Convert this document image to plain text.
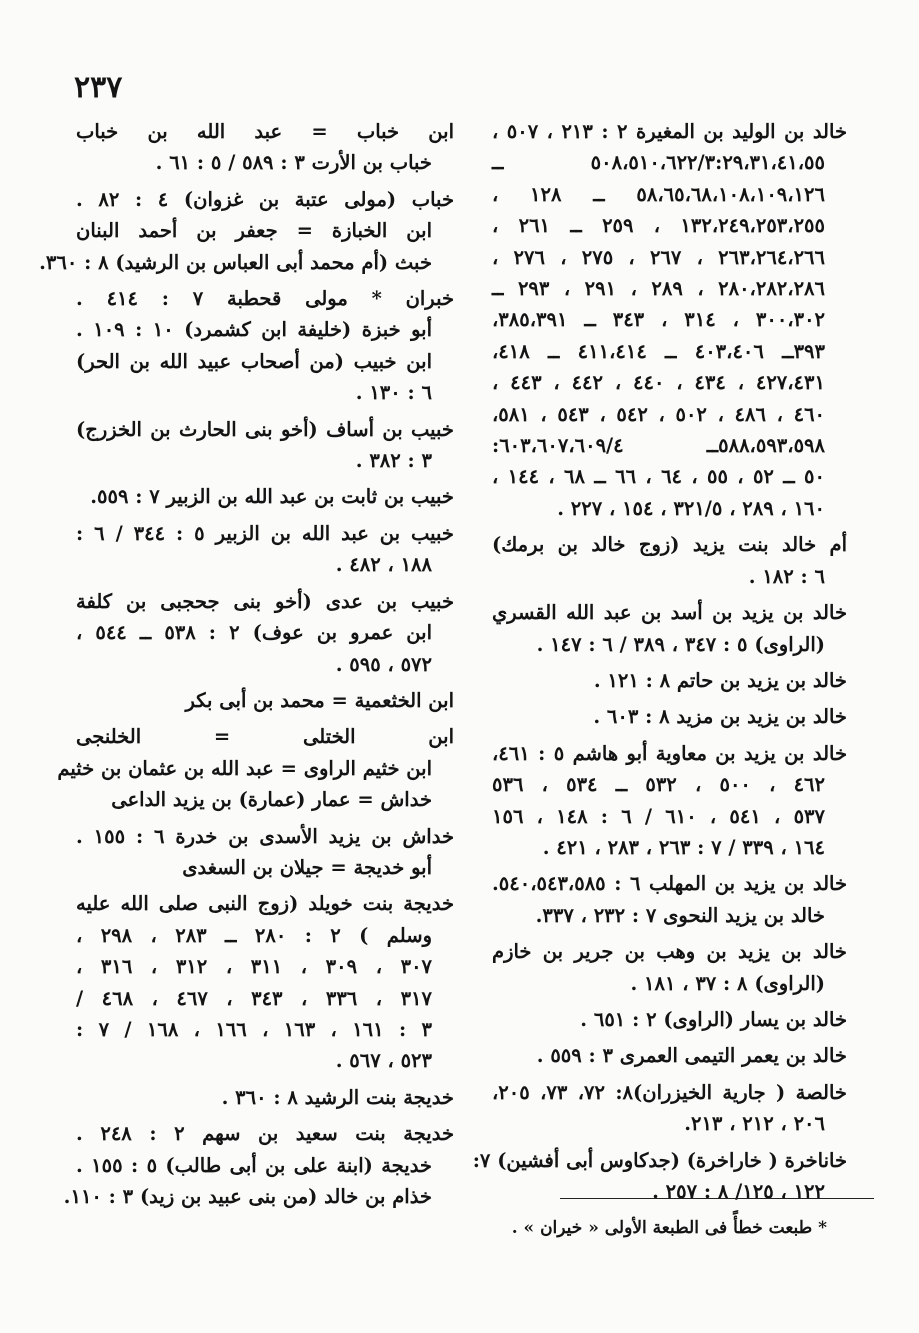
٢٣٧
خالد بن الوليد بن المغيرة ٢ : ٢١٣ ، ٥٠٧ ،
٥٠٨،٥١٠،٦٢٢/٣:٢٩،٣١،٤١،٥٥ ــ
٥٨،٦٥،٦٨،١٠٨،١٠٩،١٢٦ ــ ١٢٨ ،
١٣٢،٢٤٩،٢٥٣،٢٥٥ ، ٢٥٩ ــ ٢٦١ ،
٢٦٣،٢٦٤،٢٦٦ ، ٢٦٧ ، ٢٧٥ ، ٢٧٦ ،
٢٨٠،٢٨٢،٢٨٦ ، ٢٨٩ ، ٢٩١ ، ٢٩٣ ــ
٣٠٠،٣٠٢ ، ٣١٤ ، ٣٤٣ ــ ٣٨٥،٣٩١،
٣٩٣ــ ٤٠٣،٤٠٦ ــ ٤١١،٤١٤ ــ ٤١٨،
٤٢٧،٤٣١ ، ٤٣٤ ، ٤٤٠ ، ٤٤٢ ، ٤٤٣ ،
٤٦٠ ، ٤٨٦ ، ٥٠٢ ، ٥٤٢ ، ٥٤٣ ، ٥٨١،
٥٨٨،٥٩٣،٥٩٨ــ ٦٠٣،٦٠٧،٦٠٩/٤:
٥٠ ــ ٥٢ ، ٥٥ ، ٦٤ ، ٦٦ ــ ٦٨ ، ١٤٤ ،
١٦٠ ، ٢٨٩ ، ٣٢١/٥ ، ١٥٤ ، ٢٢٧ .
أم خالد بنت يزيد (زوج خالد بن برمك)
٦ : ١٨٢ .
خالد بن يزيد بن أسد بن عبد الله القسري
(الراوى) ٥ : ٣٤٧ ، ٣٨٩ / ٦ : ١٤٧ .
خالد بن يزيد بن حاتم ٨ : ١٢١ .
خالد بن يزيد بن مزيد ٨ : ٦٠٣ .
خالد بن يزيد بن معاوية أبو هاشم ٥ : ٤٦١،
٤٦٢ ، ٥٠٠ ، ٥٣٢ ــ ٥٣٤ ، ٥٣٦
٥٣٧ ، ٥٤١ ، ٦١٠ / ٦ : ١٤٨ ، ١٥٦
١٦٤ ، ٣٣٩ / ٧ : ٢٦٣ ، ٢٨٣ ، ٤٢١ .
خالد بن يزيد بن المهلب ٦ : ٥٤٠،٥٤٣،٥٨٥.
خالد بن يزيد النحوى ٧ : ٢٣٢ ، ٣٣٧.
خالد بن يزيد بن وهب بن جرير بن خازم
(الراوى) ٨ : ٣٧ ، ١٨١ .
خالد بن يسار (الراوى) ٢ : ٦٥١ .
خالد بن يعمر التيمى العمرى ٣ : ٥٥٩ .
خالصة ( جارية الخيزران)٨: ٧٢، ٧٣، ٢٠٥،
٢٠٦ ، ٢١٢ ، ٢١٣.
خاناخرة ( خاراخرة) (جدكاوس أبى أفشين) ٧:
١٢٢ ، ١٢٥/ ٨ : ٢٥٧ .
ابن خباب = عبد الله بن خباب
خباب بن الأرت ٣ : ٥٨٩ / ٥ : ٦١ .
خباب (مولى عتبة بن غزوان) ٤ : ٨٢ .
ابن الخبازة = جعفر بن أحمد البنان
خبث (أم محمد أبى العباس بن الرشيد) ٨ : ٣٦٠.
خبران * مولى قحطبة ٧ : ٤١٤ .
أبو خبزة (خليفة ابن كشمرد) ١٠ : ١٠٩ .
ابن خبيب (من أصحاب عبيد الله بن الحر)
٦ : ١٣٠ .
خبيب بن أساف (أخو بنى الحارث بن الخزرج)
٣ : ٣٨٢ .
خبيب بن ثابت بن عبد الله بن الزبير ٧ : ٥٥٩.
خبيب بن عبد الله بن الزبير ٥ : ٣٤٤ / ٦ :
١٨٨ ، ٤٨٢ .
خبيب بن عدى (أخو بنى جحجبى بن كلفة
ابن عمرو بن عوف) ٢ : ٥٣٨ ــ ٥٤٤ ،
٥٧٢ ، ٥٩٥ .
ابن الخثعمية = محمد بن أبى بكر
ابن الختلى = الخلنجى
ابن خثيم الراوى = عبد الله بن عثمان بن خثيم
خداش = عمار (عمارة) بن يزيد الداعى
خداش بن يزيد الأسدى بن خدرة ٦ : ١٥٥ .
أبو خديجة = جيلان بن السغدى
خديجة بنت خويلد (زوج النبى صلى الله عليه
وسلم ) ٢ : ٢٨٠ ــ ٢٨٣ ، ٢٩٨ ،
٣٠٧ ، ٣٠٩ ، ٣١١ ، ٣١٢ ، ٣١٦ ،
٣١٧ ، ٣٣٦ ، ٣٤٣ ، ٤٦٧ ، ٤٦٨ /
٣ : ١٦١ ، ١٦٣ ، ١٦٦ ، ١٦٨ / ٧ :
٥٢٣ ، ٥٦٧ .
خديجة بنت الرشيد ٨ : ٣٦٠ .
خديجة بنت سعيد بن سهم ٢ : ٢٤٨ .
خديجة (ابنة على بن أبى طالب) ٥ : ١٥٥ .
خذام بن خالد (من بنى عبيد بن زيد) ٣ : ١١٠.
* طبعت خطأً فى الطبعة الأولى « خيران » .
